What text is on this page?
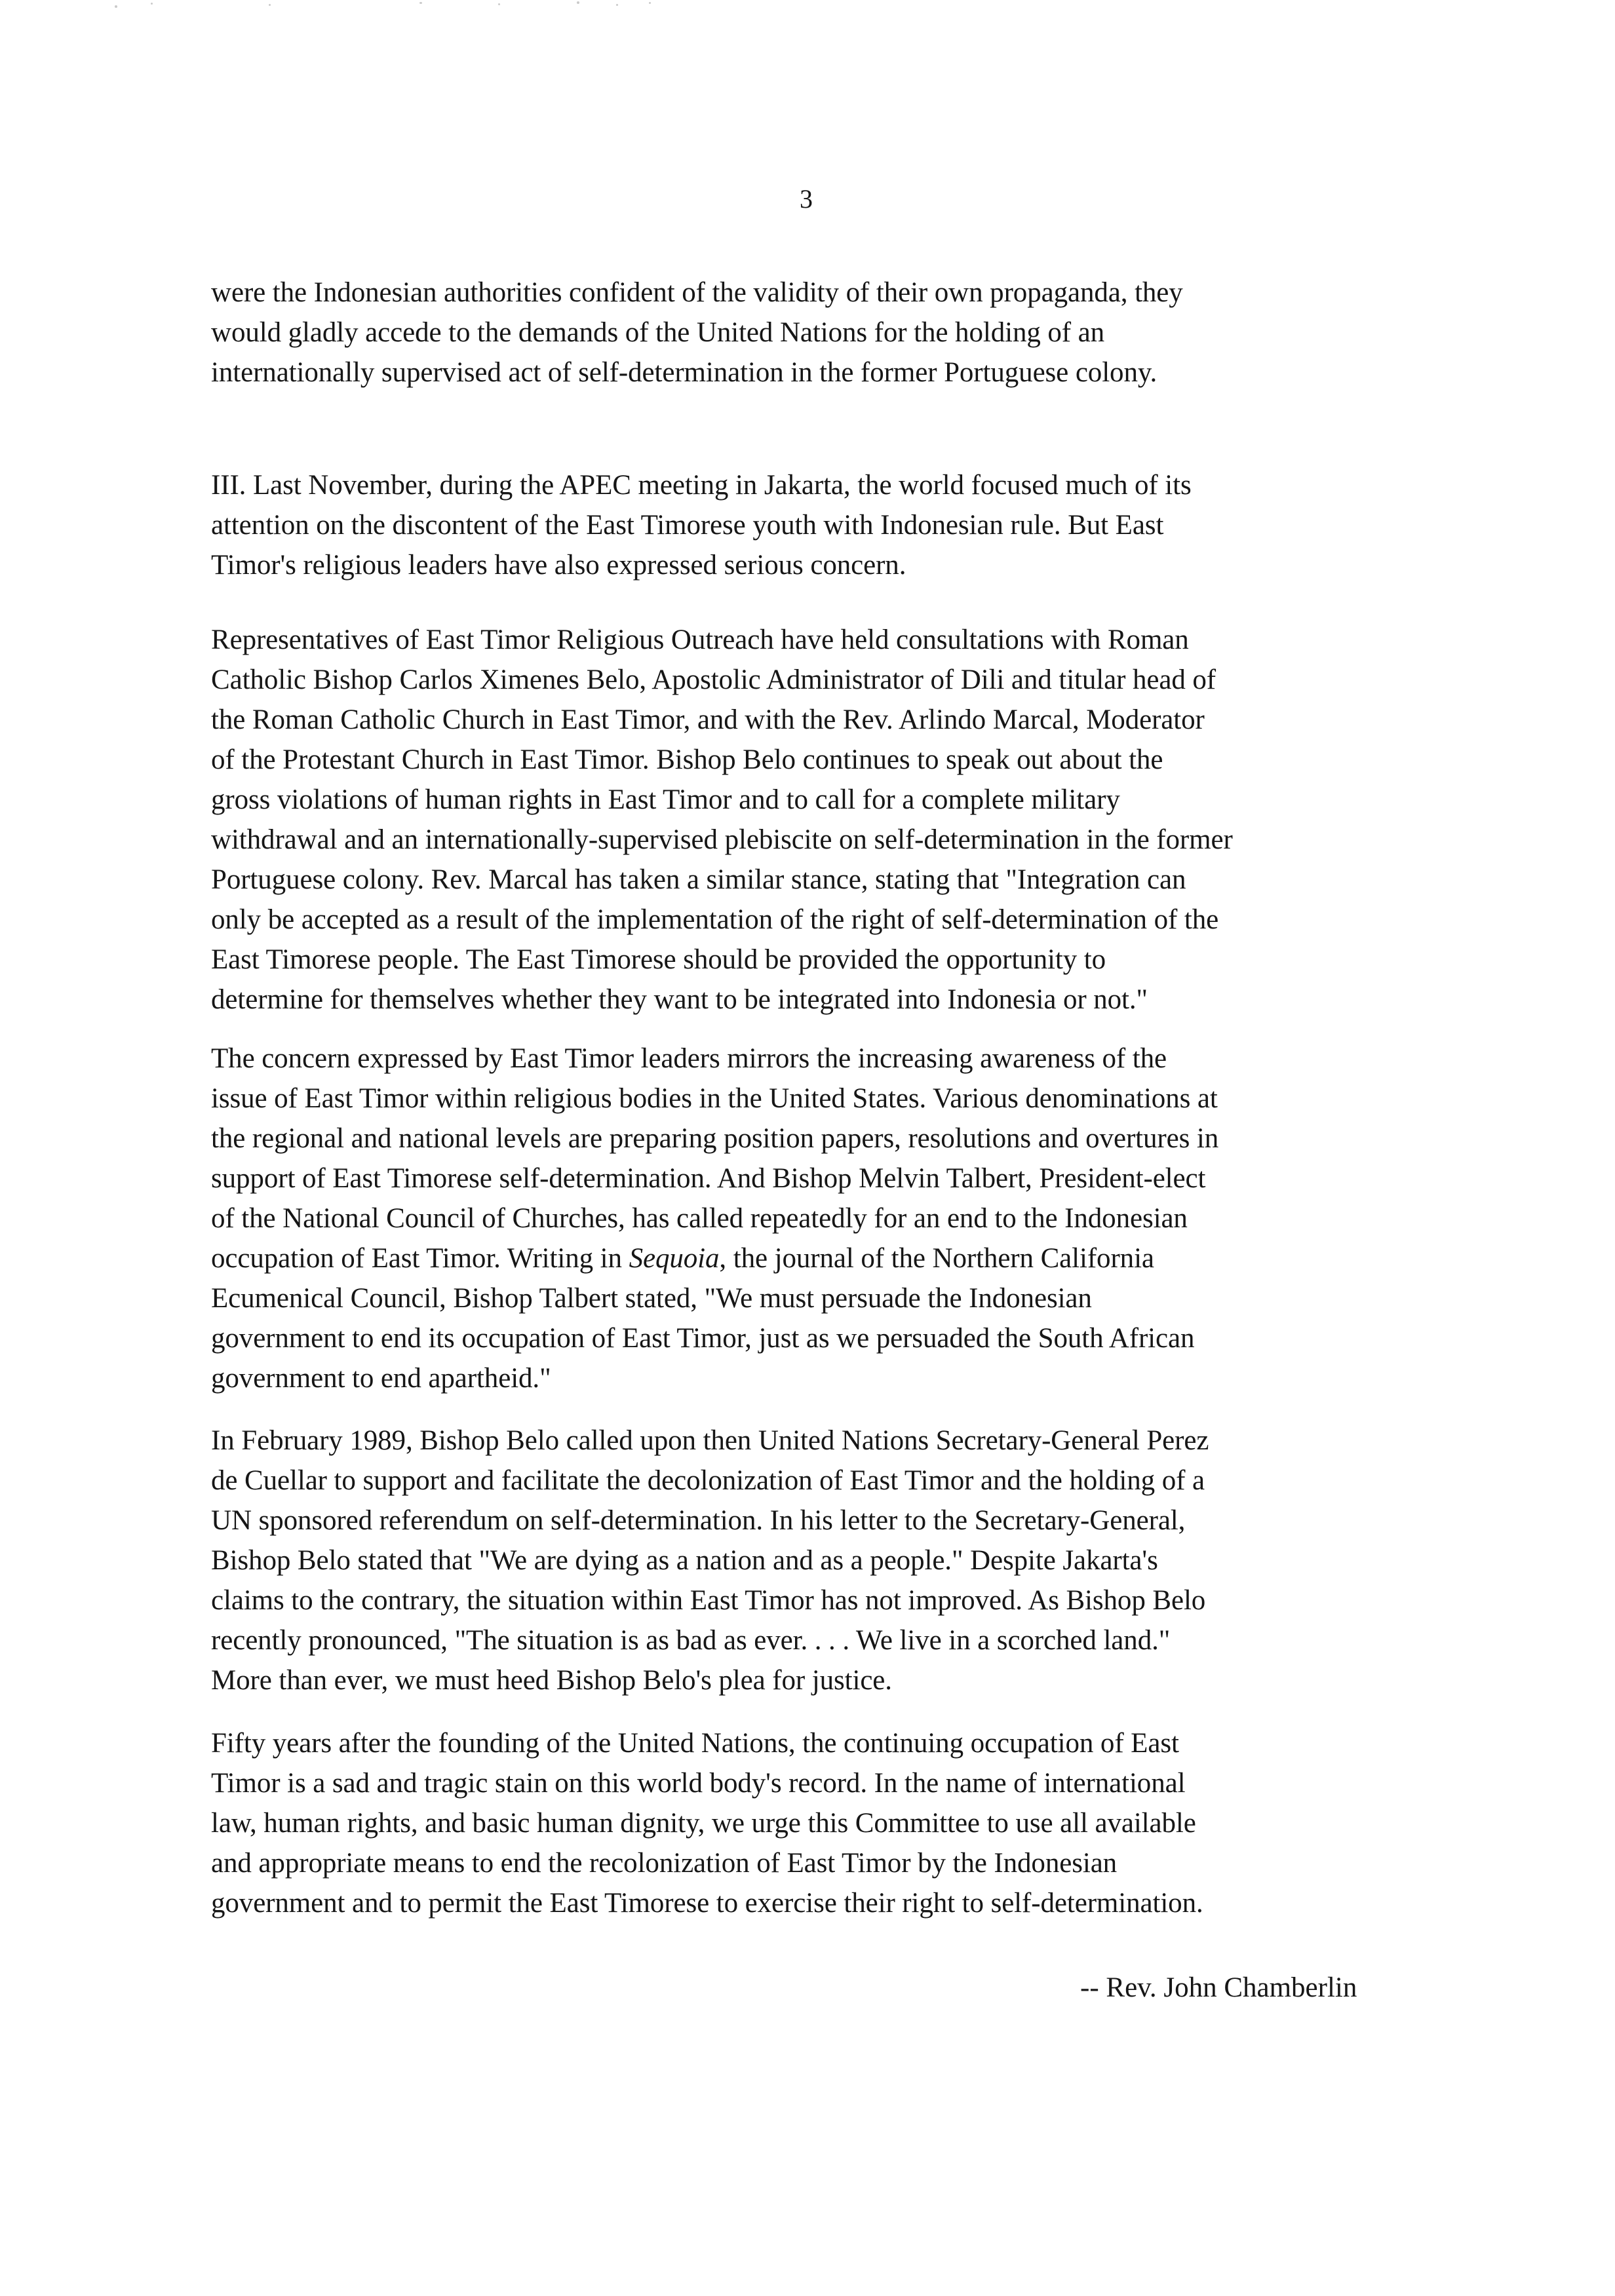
3

were the Indonesian authorities confident of the validity of their own propaganda, they
would gladly accede to the demands of the United Nations for the holding of an
internationally supervised act of self-determination in the former Portuguese colony.

III. Last November, during the APEC meeting in Jakarta, the world focused much of its
attention on the discontent of the East Timorese youth with Indonesian rule. But East
Timor's religious leaders have also expressed serious concern.

Representatives of East Timor Religious Outreach have held consultations with Roman
Catholic Bishop Carlos Ximenes Belo, Apostolic Administrator of Dili and titular head of
the Roman Catholic Church in East Timor, and with the Rev. Arlindo Marcal, Moderator
of the Protestant Church in East Timor. Bishop Belo continues to speak out about the
gross violations of human rights in East Timor and to call for a complete military
withdrawal and an internationally-supervised plebiscite on self-determination in the former
Portuguese colony. Rev. Marcal has taken a similar stance, stating that "Integration can
only be accepted as a result of the implementation of the right of self-determination of the
East Timorese people. The East Timorese should be provided the opportunity to
determine for themselves whether they want to be integrated into Indonesia or not."

The concern expressed by East Timor leaders mirrors the increasing awareness of the
issue of East Timor within religious bodies in the United States. Various denominations at
the regional and national levels are preparing position papers, resolutions and overtures in
support of East Timorese self-determination. And Bishop Melvin Talbert, President-elect
of the National Council of Churches, has called repeatedly for an end to the Indonesian
occupation of East Timor. Writing in Sequoia, the journal of the Northern California
Ecumenical Council, Bishop Talbert stated, "We must persuade the Indonesian
government to end its occupation of East Timor, just as we persuaded the South African
government to end apartheid."

In February 1989, Bishop Belo called upon then United Nations Secretary-General Perez
de Cuellar to support and facilitate the decolonization of East Timor and the holding of a
UN sponsored referendum on self-determination. In his letter to the Secretary-General,
Bishop Belo stated that "We are dying as a nation and as a people." Despite Jakarta's
claims to the contrary, the situation within East Timor has not improved. As Bishop Belo
recently pronounced, "The situation is as bad as ever. . . . We live in a scorched land."
More than ever, we must heed Bishop Belo's plea for justice.

Fifty years after the founding of the United Nations, the continuing occupation of East
Timor is a sad and tragic stain on this world body's record. In the name of international
law, human rights, and basic human dignity, we urge this Committee to use all available
and appropriate means to end the recolonization of East Timor by the Indonesian
government and to permit the East Timorese to exercise their right to self-determination.

-- Rev. John Chamberlin
